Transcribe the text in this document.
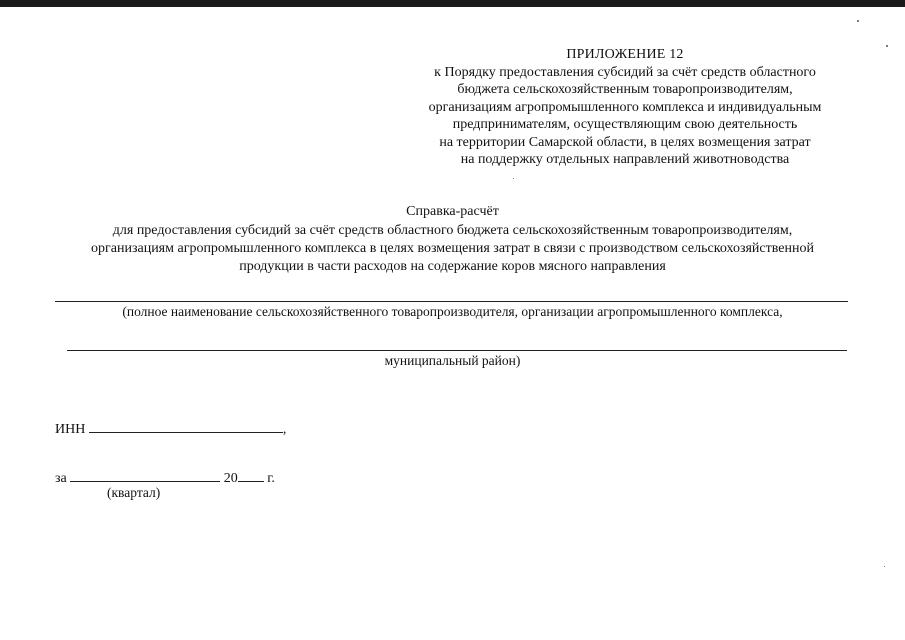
ПРИЛОЖЕНИЕ 12
к Порядку предоставления субсидий за счёт средств областного
бюджета сельскохозяйственным товаропроизводителям,
организациям агропромышленного комплекса и индивидуальным
предпринимателям, осуществляющим свою деятельность
на территории Самарской области, в целях возмещения затрат
на поддержку отдельных направлений животноводства
Справка-расчёт
для предоставления субсидий за счёт средств областного бюджета сельскохозяйственным товаропроизводителям,
организациям агропромышленного комплекса в целях возмещения затрат в связи с производством сельскохозяйственной
продукции в части расходов на содержание коров мясного направления
(полное наименование сельскохозяйственного товаропроизводителя, организации агропромышленного комплекса,
муниципальный район)
ИНН	,
за	20 г.
(квартал)
